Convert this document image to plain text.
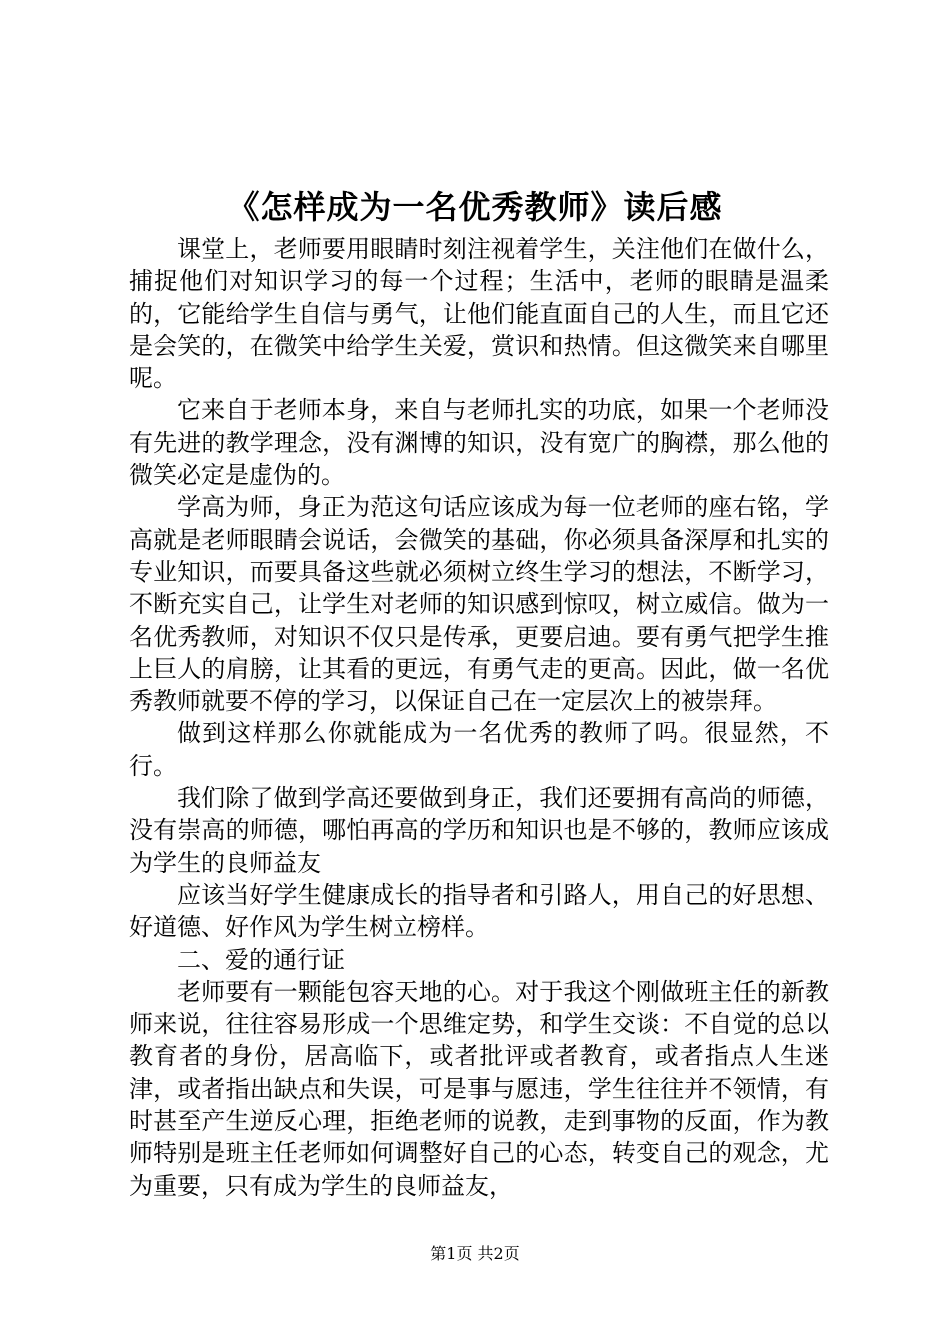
《怎样成为一名优秀教师》读后感

课堂上，老师要用眼睛时刻注视着学生，关注他们在做什么，捕捉他们对知识学习的每一个过程；生活中，老师的眼睛是温柔的，它能给学生自信与勇气，让他们能直面自己的人生，而且它还是会笑的，在微笑中给学生关爱，赏识和热情。但这微笑来自哪里呢。

它来自于老师本身，来自与老师扎实的功底，如果一个老师没有先进的教学理念，没有渊博的知识，没有宽广的胸襟，那么他的微笑必定是虚伪的。

学高为师，身正为范这句话应该成为每一位老师的座右铭，学高就是老师眼睛会说话，会微笑的基础，你必须具备深厚和扎实的专业知识，而要具备这些就必须树立终生学习的想法，不断学习，不断充实自己，让学生对老师的知识感到惊叹，树立威信。做为一名优秀教师，对知识不仅只是传承，更要启迪。要有勇气把学生推上巨人的肩膀，让其看的更远，有勇气走的更高。因此，做一名优秀教师就要不停的学习，以保证自己在一定层次上的被崇拜。

做到这样那么你就能成为一名优秀的教师了吗。很显然，不行。

我们除了做到学高还要做到身正，我们还要拥有高尚的师德，没有崇高的师德，哪怕再高的学历和知识也是不够的，教师应该成为学生的良师益友

应该当好学生健康成长的指导者和引路人，用自己的好思想、好道德、好作风为学生树立榜样。

二、爱的通行证

老师要有一颗能包容天地的心。对于我这个刚做班主任的新教师来说，往往容易形成一个思维定势，和学生交谈：不自觉的总以教育者的身份，居高临下，或者批评或者教育，或者指点人生迷津，或者指出缺点和失误，可是事与愿违，学生往往并不领情，有时甚至产生逆反心理，拒绝老师的说教，走到事物的反面，作为教师特别是班主任老师如何调整好自己的心态，转变自己的观念，尤为重要，只有成为学生的良师益友，

第1页 共2页
